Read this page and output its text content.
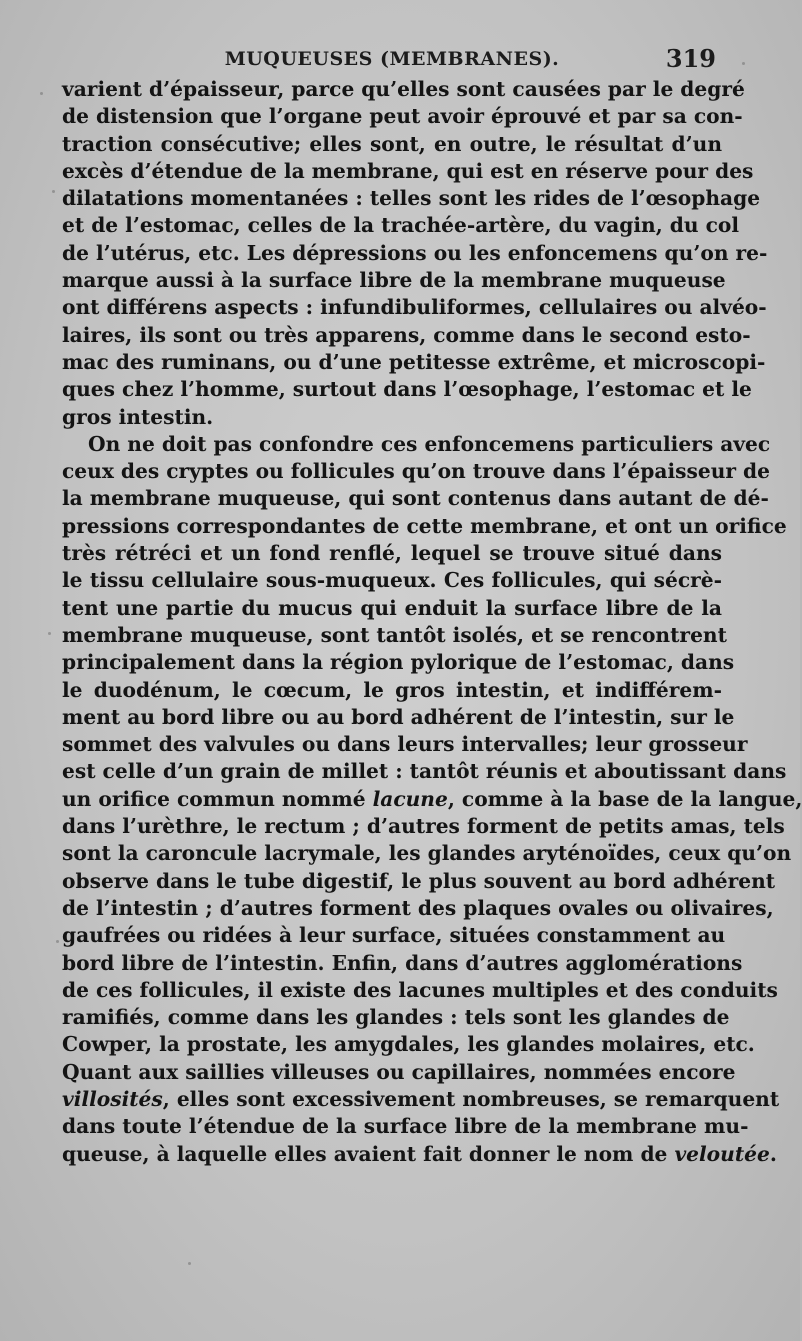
MUQUEUSES (MEMBRANES).	319
varient d’épaisseur, parce qu’elles sont causées par le degré
de distension que l’organe peut avoir éprouvé et par sa con-
traction consécutive; elles sont, en outre, le résultat d’un
excès d’étendue de la membrane, qui est en réserve pour des
dilatations momentanées : telles sont les rides de l’œsophage
et de l’estomac, celles de la trachée-artère, du vagin, du col
de l’utérus, etc. Les dépressions ou les enfoncemens qu’on re-
marque aussi à la surface libre de la membrane muqueuse
ont différens aspects : infundibuliformes, cellulaires ou alvéo-
laires, ils sont ou très apparens, comme dans le second esto-
mac des ruminans, ou d’une petitesse extrême, et microscopi-
ques chez l’homme, surtout dans l’œsophage, l’estomac et le
gros intestin.
On ne doit pas confondre ces enfoncemens particuliers avec
ceux des cryptes ou follicules qu’on trouve dans l’épaisseur de
la membrane muqueuse, qui sont contenus dans autant de dé-
pressions correspondantes de cette membrane, et ont un orifice
très rétréci et un fond renflé, lequel se trouve situé dans
le tissu cellulaire sous-muqueux. Ces follicules, qui sécrè-
tent une partie du mucus qui enduit la surface libre de la
membrane muqueuse, sont tantôt isolés, et se rencontrent
principalement dans la région pylorique de l’estomac, dans
le duodénum, le cœcum, le gros intestin, et indifférem-
ment au bord libre ou au bord adhérent de l’intestin, sur le
sommet des valvules ou dans leurs intervalles; leur grosseur
est celle d’un grain de millet : tantôt réunis et aboutissant dans
un orifice commun nommé lacune, comme à la base de la langue,
dans l’urèthre, le rectum ; d’autres forment de petits amas, tels
sont la caroncule lacrymale, les glandes aryténoïdes, ceux qu’on
observe dans le tube digestif, le plus souvent au bord adhérent
de l’intestin ; d’autres forment des plaques ovales ou olivaires,
gaufrées ou ridées à leur surface, situées constamment au
bord libre de l’intestin. Enfin, dans d’autres agglomérations
de ces follicules, il existe des lacunes multiples et des conduits
ramifiés, comme dans les glandes : tels sont les glandes de
Cowper, la prostate, les amygdales, les glandes molaires, etc.
Quant aux saillies villeuses ou capillaires, nommées encore
villosités, elles sont excessivement nombreuses, se remarquent
dans toute l’étendue de la surface libre de la membrane mu-
queuse, à laquelle elles avaient fait donner le nom de veloutée.
